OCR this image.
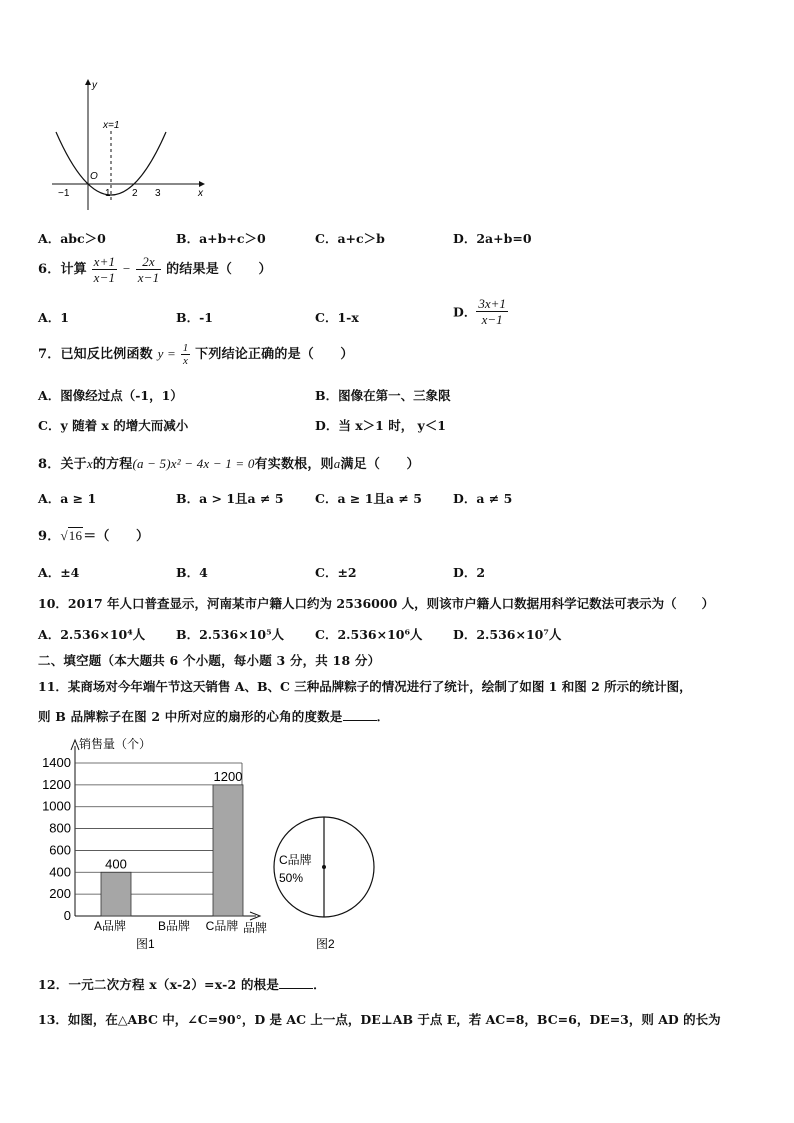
y
x
O
x=1
−1	1 2 3
A．abc＞0	B．a+b+c＞0	C．a+c＞b	D．2a+b=0
6．计算 $\frac{x+1}{x-1} - \frac{2x}{x-1}$ 的结果是（　　）
A．1	B．-1	C．1-x	D． $\frac{3x+1}{x-1}$
7．已知反比例函数 $y = \frac{1}{x}$ 下列结论正确的是（　　）
A．图像经过点（-1，1）	B．图像在第一、三象限
C．y 随着 x 的增大而减小	D．当 x＞1 时， y＜1
8．关于x的方程(a − 5)x² − 4x − 1 = 0有实数根，则a满足（　　）
A．a ≥ 1	B．a > 1且a ≠ 5	C．a ≥ 1且a ≠ 5 D．a ≠ 5
9．√16＝（　　）
A．±4	B．4	C．±2	D．2
10．2017 年人口普查显示，河南某市户籍人口约为 2536000 人，则该市户籍人口数据用科学记数法可表示为（　　）
A．2.536×10⁴人 B．2.536×10⁵人 C．2.536×10⁶人 D．2.536×10⁷人
二、填空题（本大题共 6 个小题，每小题 3 分，共 18 分）
11．某商场对今年端午节这天销售 A、B、C 三种品牌粽子的情况进行了统计，绘制了如图 1 和图 2 所示的统计图，
则 B 品牌粽子在图 2 中所对应的扇形的心角的度数是	．
0
200
400
600
800
1000
1200
1400
400
A品牌	B品牌
1200
C品牌
销售量（个）
品牌
图1
C品牌
50%
图2
12．一元二次方程 x（x-2）=x-2 的根是	．
13．如图，在△ABC 中，∠C=90°，D 是 AC 上一点，DE⊥AB 于点 E，若 AC=8，BC=6，DE=3，则 AD 的长为
